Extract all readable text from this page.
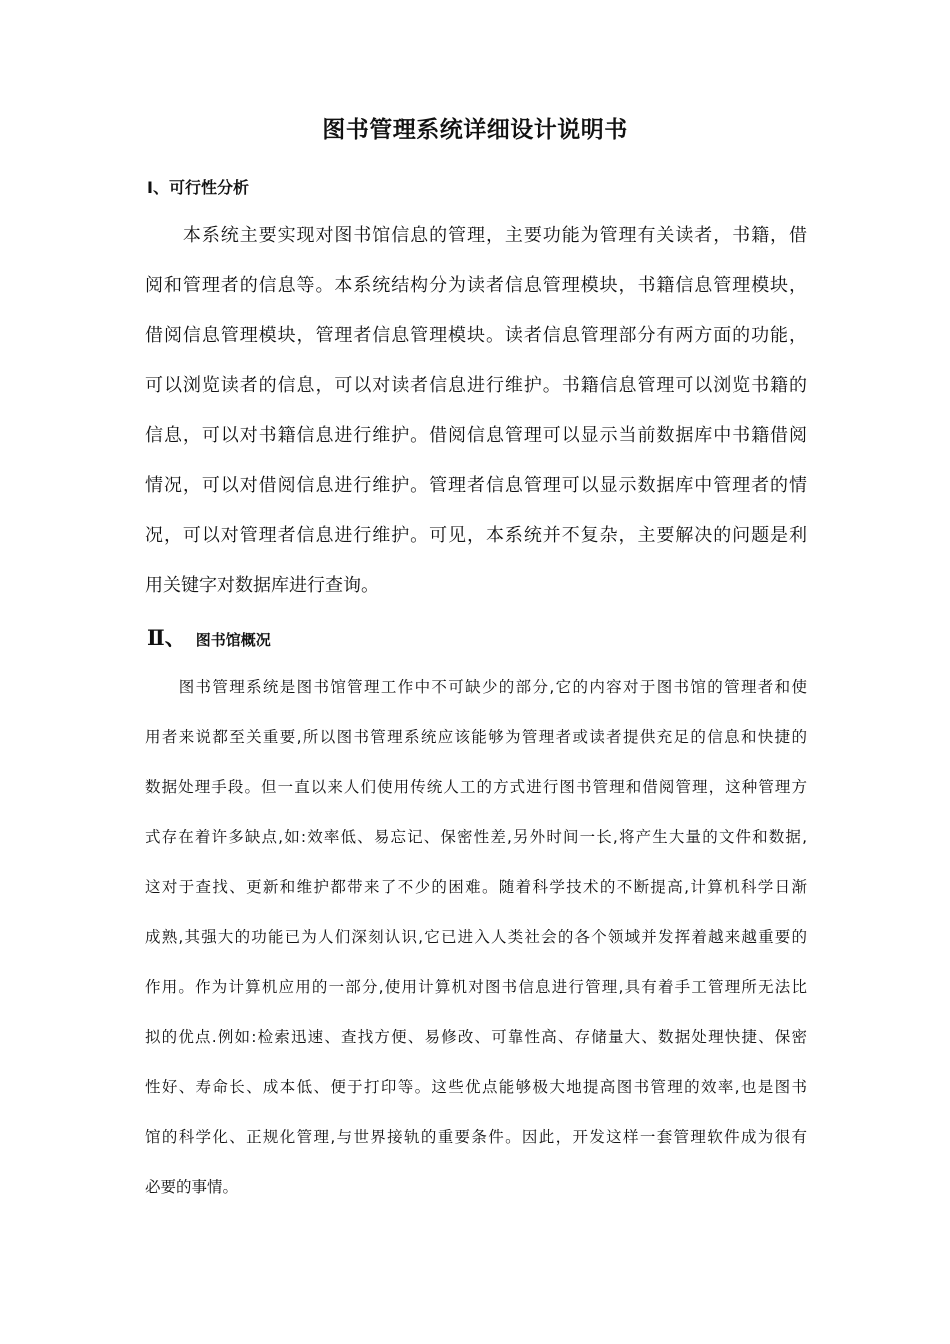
图书管理系统详细设计说明书
Ⅰ、可行性分析
　　本系统主要实现对图书馆信息的管理，主要功能为管理有关读者，书籍，借
阅和管理者的信息等。本系统结构分为读者信息管理模块，书籍信息管理模块，
借阅信息管理模块，管理者信息管理模块。读者信息管理部分有两方面的功能，
可以浏览读者的信息，可以对读者信息进行维护。书籍信息管理可以浏览书籍的
信息，可以对书籍信息进行维护。借阅信息管理可以显示当前数据库中书籍借阅
情况，可以对借阅信息进行维护。管理者信息管理可以显示数据库中管理者的情
况，可以对管理者信息进行维护。可见，本系统并不复杂，主要解决的问题是利
用关键字对数据库进行查询。
Ⅱ、 图书馆概况
　　图书管理系统是图书馆管理工作中不可缺少的部分,它的内容对于图书馆的管理者和使
用者来说都至关重要,所以图书管理系统应该能够为管理者或读者提供充足的信息和快捷的
数据处理手段。但一直以来人们使用传统人工的方式进行图书管理和借阅管理，这种管理方
式存在着许多缺点,如:效率低、易忘记、保密性差,另外时间一长,将产生大量的文件和数据,
这对于查找、更新和维护都带来了不少的困难。随着科学技术的不断提高,计算机科学日渐
成熟,其强大的功能已为人们深刻认识,它已进入人类社会的各个领域并发挥着越来越重要的
作用。作为计算机应用的一部分,使用计算机对图书信息进行管理,具有着手工管理所无法比
拟的优点.例如:检索迅速、查找方便、易修改、可靠性高、存储量大、数据处理快捷、保密
性好、寿命长、成本低、便于打印等。这些优点能够极大地提高图书管理的效率,也是图书
馆的科学化、正规化管理,与世界接轨的重要条件。因此，开发这样一套管理软件成为很有
必要的事情。
